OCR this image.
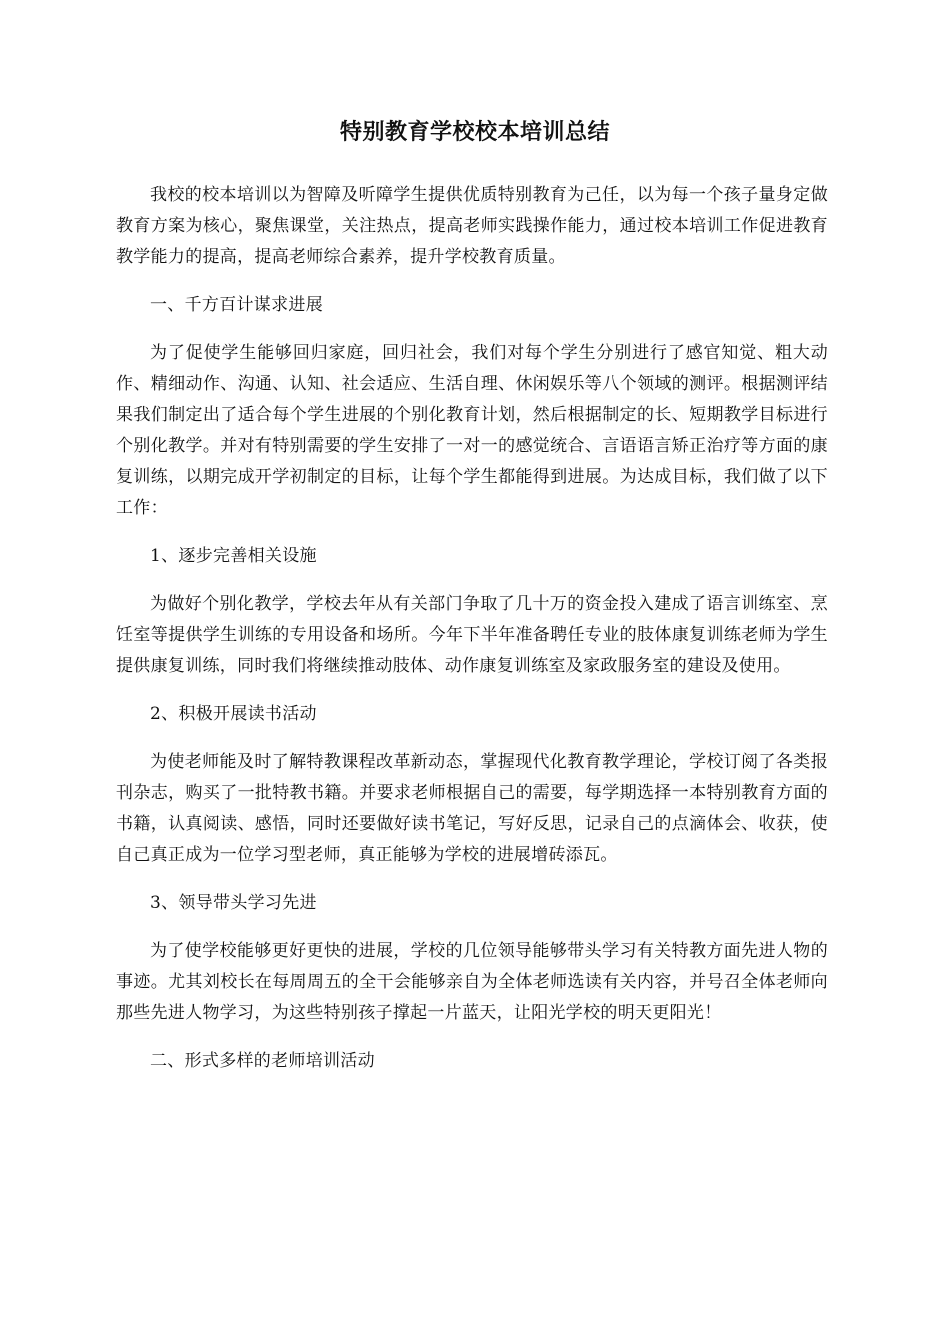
特别教育学校校本培训总结

我校的校本培训以为智障及听障学生提供优质特别教育为己任，以为每一个孩子量身定做教育方案为核心，聚焦课堂，关注热点，提高老师实践操作能力，通过校本培训工作促进教育教学能力的提高，提高老师综合素养，提升学校教育质量。

一、千方百计谋求进展

为了促使学生能够回归家庭，回归社会，我们对每个学生分别进行了感官知觉、粗大动作、精细动作、沟通、认知、社会适应、生活自理、休闲娱乐等八个领域的测评。根据测评结果我们制定出了适合每个学生进展的个别化教育计划，然后根据制定的长、短期教学目标进行个别化教学。并对有特别需要的学生安排了一对一的感觉统合、言语语言矫正治疗等方面的康复训练，以期完成开学初制定的目标，让每个学生都能得到进展。为达成目标，我们做了以下工作：

1、逐步完善相关设施

为做好个别化教学，学校去年从有关部门争取了几十万的资金投入建成了语言训练室、烹饪室等提供学生训练的专用设备和场所。今年下半年准备聘任专业的肢体康复训练老师为学生提供康复训练，同时我们将继续推动肢体、动作康复训练室及家政服务室的建设及使用。

2、积极开展读书活动

为使老师能及时了解特教课程改革新动态，掌握现代化教育教学理论，学校订阅了各类报刊杂志，购买了一批特教书籍。并要求老师根据自己的需要，每学期选择一本特别教育方面的书籍，认真阅读、感悟，同时还要做好读书笔记，写好反思，记录自己的点滴体会、收获，使自己真正成为一位学习型老师，真正能够为学校的进展增砖添瓦。

3、领导带头学习先进

为了使学校能够更好更快的进展，学校的几位领导能够带头学习有关特教方面先进人物的事迹。尤其刘校长在每周周五的全干会能够亲自为全体老师选读有关内容，并号召全体老师向那些先进人物学习，为这些特别孩子撑起一片蓝天，让阳光学校的明天更阳光！

二、形式多样的老师培训活动
